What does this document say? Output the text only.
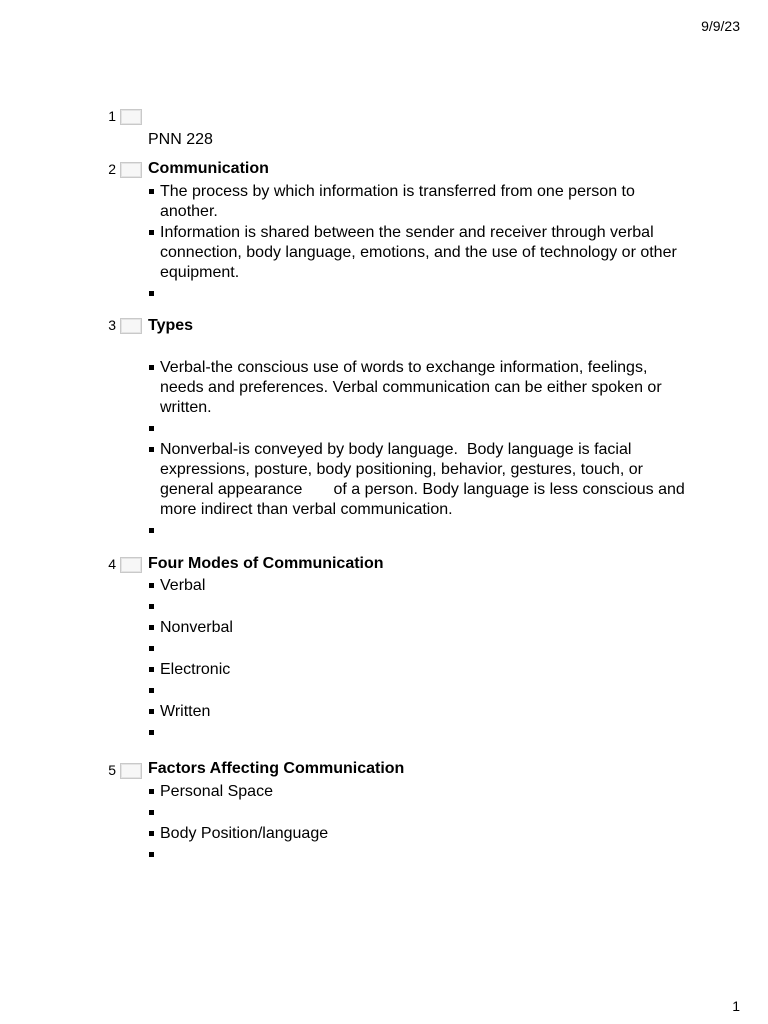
9/9/23
1
PNN 228
2 Communication
The process by which information is transferred from one person to another.
Information is shared between the sender and receiver through verbal connection, body language, emotions, and the use of technology or other equipment.
3 Types
Verbal-the conscious use of words to exchange information, feelings, needs and preferences. Verbal communication can be either spoken or written.
Nonverbal-is conveyed by body language.  Body language is facial expressions, posture, body positioning, behavior, gestures, touch, or general appearance       of a person. Body language is less conscious and more indirect than verbal communication.
4 Four Modes of Communication
Verbal
Nonverbal
Electronic
Written
5 Factors Affecting Communication
Personal Space
Body Position/language
1
